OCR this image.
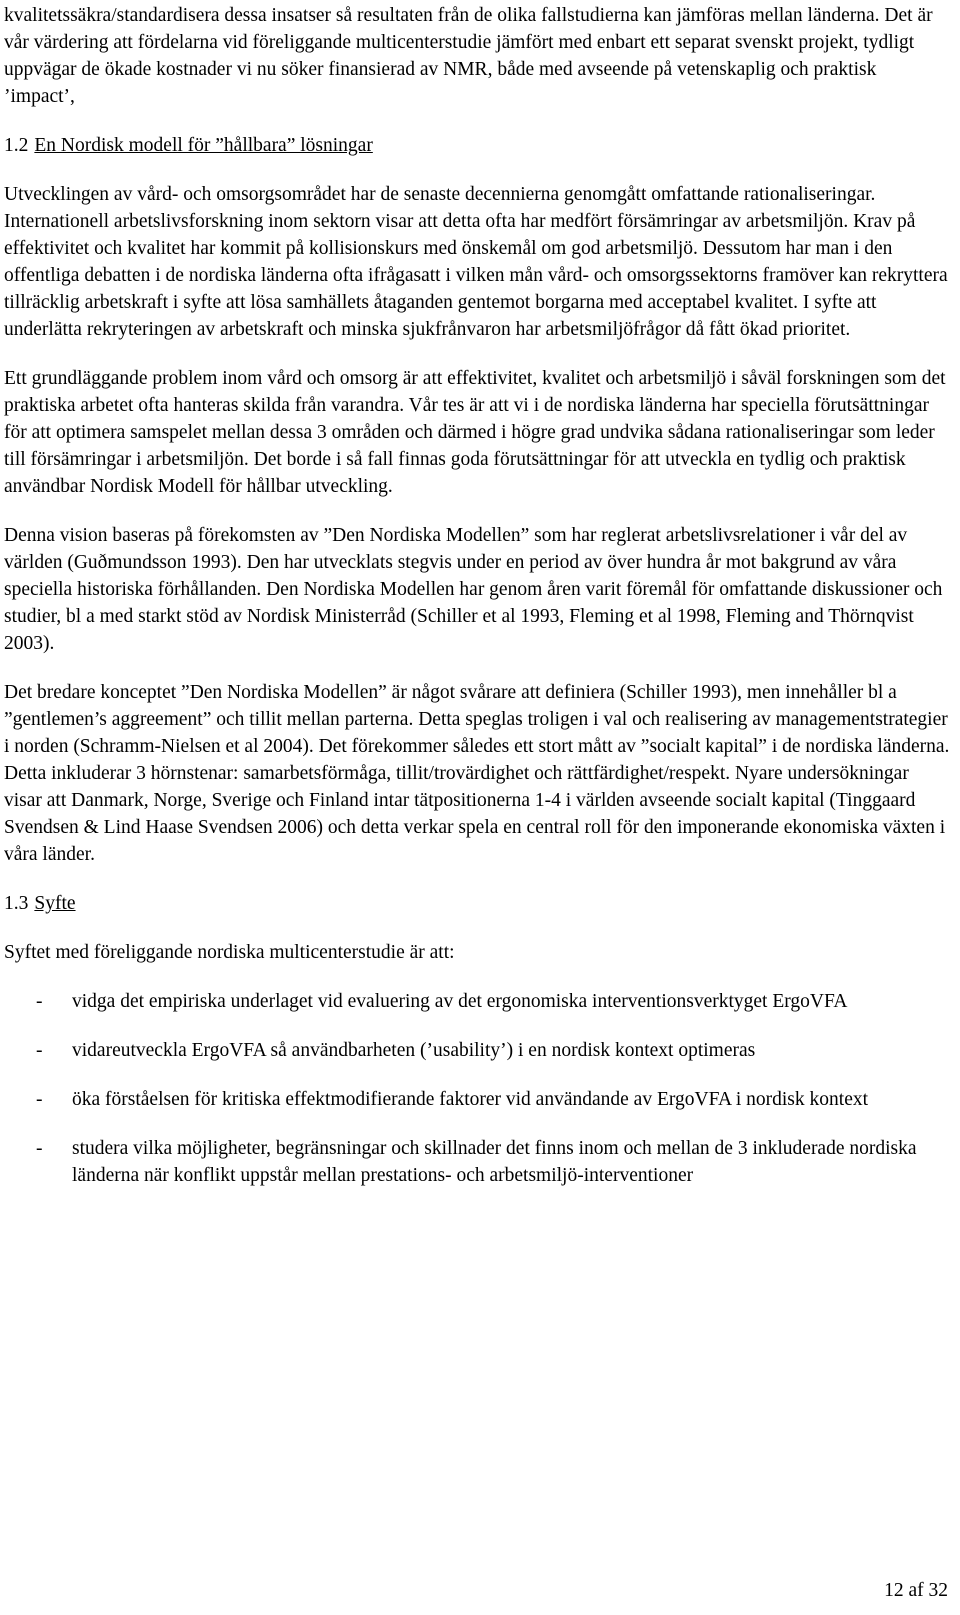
kvalitetssäkra/standardisera dessa insatser så resultaten från de olika fallstudierna kan jämföras mellan länderna. Det är vår värdering att fördelarna vid föreliggande multicenterstudie jämfört med enbart ett separat svenskt projekt, tydligt uppvägar de ökade kostnader vi nu söker finansierad av NMR, både med avseende på vetenskaplig och praktisk ’impact’,

1.2 En Nordisk modell för ”hållbara” lösningar

Utvecklingen av vård- och omsorgsområdet har de senaste decennierna genomgått omfattande rationaliseringar. Internationell arbetslivsforskning inom sektorn visar att detta ofta har medfört försämringar av arbetsmiljön. Krav på effektivitet och kvalitet har kommit på kollisionskurs med önskemål om god arbetsmiljö. Dessutom har man i den offentliga debatten i de nordiska länderna ofta ifrågasatt i vilken mån vård- och omsorgssektorns framöver kan rekryttera tillräcklig arbetskraft i syfte att lösa samhällets åtaganden gentemot borgarna med acceptabel kvalitet. I syfte att underlätta rekryteringen av arbetskraft och minska sjukfrånvaron har arbetsmiljöfrågor då fått ökad prioritet.

Ett grundläggande problem inom vård och omsorg är att effektivitet, kvalitet och arbetsmiljö i såväl forskningen som det praktiska arbetet ofta hanteras skilda från varandra. Vår tes är att vi i de nordiska länderna har speciella förutsättningar för att optimera samspelet mellan dessa 3 områden och därmed i högre grad undvika sådana rationaliseringar som leder till försämringar i arbetsmiljön. Det borde i så fall finnas goda förutsättningar för att utveckla en tydlig och praktisk användbar Nordisk Modell för hållbar utveckling.

Denna vision baseras på förekomsten av ”Den Nordiska Modellen” som har reglerat arbetslivsrelationer i vår del av världen (Guðmundsson 1993). Den har utvecklats stegvis under en period av över hundra år mot bakgrund av våra speciella historiska förhållanden. Den Nordiska Modellen har genom åren varit föremål för omfattande diskussioner och studier, bl a med starkt stöd av Nordisk Ministerråd (Schiller et al 1993, Fleming et al 1998, Fleming and Thörnqvist 2003).

Det bredare konceptet ”Den Nordiska Modellen” är något svårare att definiera (Schiller 1993), men innehåller bl a ”gentlemen’s aggreement” och tillit mellan parterna. Detta speglas troligen i val och realisering av managementstrategier i norden (Schramm-Nielsen et al 2004). Det förekommer således ett stort mått av ”socialt kapital” i de nordiska länderna. Detta inkluderar 3 hörnstenar: samarbetsförmåga, tillit/trovärdighet och rättfärdighet/respekt. Nyare undersökningar visar att Danmark, Norge, Sverige och Finland intar tätpositionerna 1-4 i världen avseende socialt kapital (Tinggaard Svendsen & Lind Haase Svendsen 2006) och detta verkar spela en central roll för den imponerande ekonomiska växten i våra länder.

1.3 Syfte

Syftet med föreliggande nordiska multicenterstudie är att:

- vidga det empiriska underlaget vid evaluering av det ergonomiska interventionsverktyget ErgoVFA
- vidareutveckla ErgoVFA så användbarheten (’usability’) i en nordisk kontext optimeras
- öka förståelsen för kritiska effektmodifierande faktorer vid användande av ErgoVFA i nordisk kontext
- studera vilka möjligheter, begränsningar och skillnader det finns inom och mellan de 3 inkluderade nordiska länderna när konflikt uppstår mellan prestations- och arbetsmiljö-interventioner
12 af 32
